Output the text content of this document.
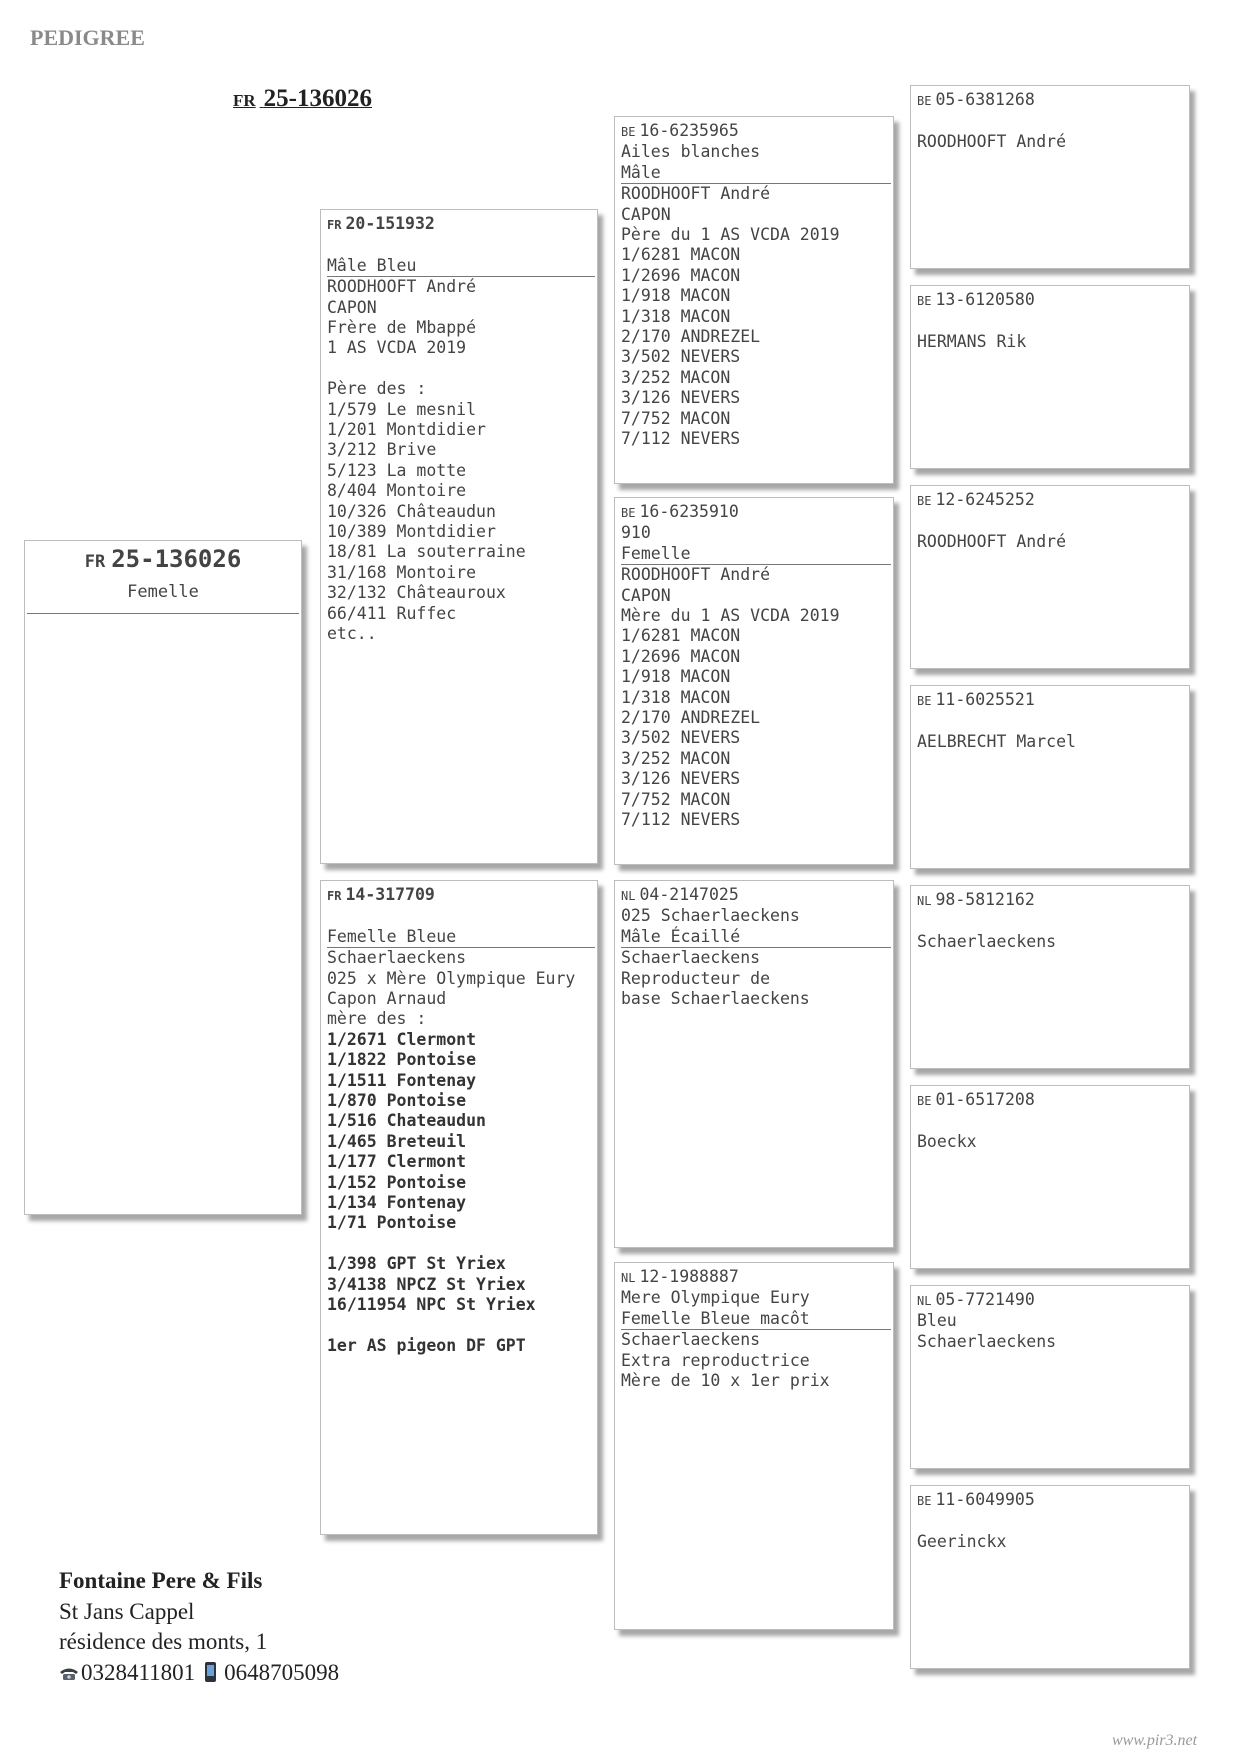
PEDIGREE
FR 25-136026
FR 25-136026
Femelle
FR 20-151932
Mâle Bleu
ROODHOOFT André
CAPON
Frère de Mbappé
1 AS VCDA 2019
Père des :
1/579 Le mesnil
1/201 Montdidier
3/212 Brive
5/123 La motte
8/404 Montoire
10/326 Châteaudun
10/389 Montdidier
18/81 La souterraine
31/168 Montoire
32/132 Châteauroux
66/411 Ruffec
etc..
FR 14-317709
Femelle Bleue
Schaerlaeckens
025 x Mère Olympique Eury
Capon Arnaud
mère des :
1/2671 Clermont
1/1822 Pontoise
1/1511 Fontenay
1/870 Pontoise
1/516 Chateaudun
1/465 Breteuil
1/177 Clermont
1/152 Pontoise
1/134 Fontenay
1/71 Pontoise
1/398 GPT St Yriex
3/4138 NPCZ St Yriex
16/11954 NPC St Yriex
1er AS pigeon DF GPT
BE 16-6235965
Ailes blanches
Mâle
ROODHOOFT André
CAPON
Père du 1 AS VCDA 2019
1/6281 MACON
1/2696 MACON
1/918 MACON
1/318 MACON
2/170 ANDREZEL
3/502 NEVERS
3/252 MACON
3/126 NEVERS
7/752 MACON
7/112 NEVERS
BE 16-6235910
910
Femelle
ROODHOOFT André
CAPON
Mère du 1 AS VCDA 2019
1/6281 MACON
1/2696 MACON
1/918 MACON
1/318 MACON
2/170 ANDREZEL
3/502 NEVERS
3/252 MACON
3/126 NEVERS
7/752 MACON
7/112 NEVERS
NL 04-2147025
025 Schaerlaeckens
Mâle Écaillé
Schaerlaeckens
Reproducteur de
base Schaerlaeckens
NL 12-1988887
Mere Olympique Eury
Femelle Bleue macôt
Schaerlaeckens
Extra reproductrice
Mère de 10 x 1er prix
BE 05-6381268
ROODHOOFT André
BE 13-6120580
HERMANS Rik
BE 12-6245252
ROODHOOFT André
BE 11-6025521
AELBRECHT Marcel
NL 98-5812162
Schaerlaeckens
BE 01-6517208
Boeckx
NL 05-7721490
Bleu
Schaerlaeckens
BE 11-6049905
Geerinckx
Fontaine Pere & Fils
St Jans Cappel
résidence des monts, 1
0328411801 0648705098
www.pir3.net
